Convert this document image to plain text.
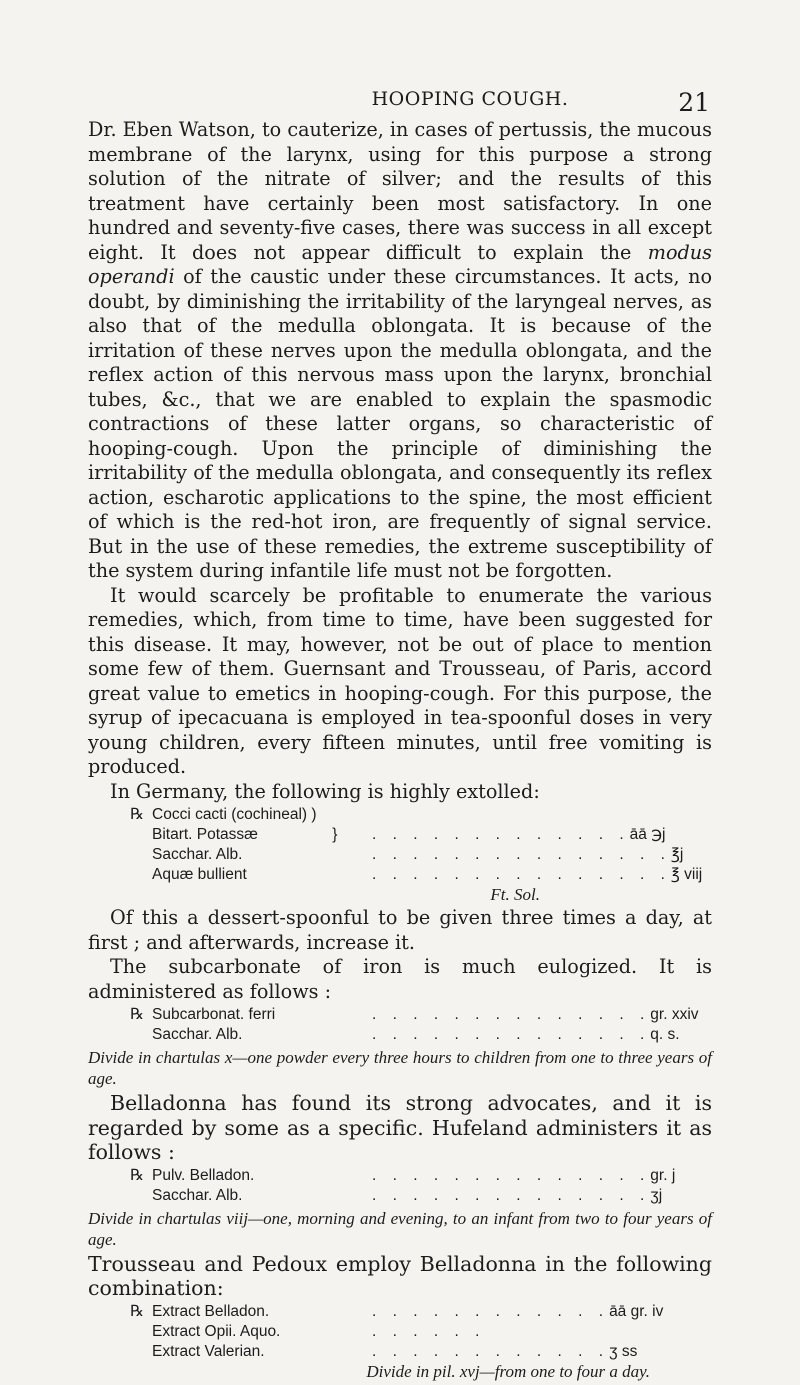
HOOPING COUGH.	21

Dr. Eben Watson, to cauterize, in cases of pertussis, the mucous membrane of the larynx, using for this purpose a strong solution of the nitrate of silver; and the results of this treatment have certainly been most satisfactory. In one hundred and seventy-five cases, there was success in all except eight. It does not appear difficult to explain the modus operandi of the caustic under these circumstances. It acts, no doubt, by diminishing the irritability of the laryngeal nerves, as also that of the medulla oblongata. It is because of the irritation of these nerves upon the medulla oblongata, and the reflex action of this nervous mass upon the larynx, bronchial tubes, &c., that we are enabled to explain the spasmodic contractions of these latter organs, so characteristic of hooping-cough. Upon the principle of diminishing the irritability of the medulla oblongata, and consequently its reflex action, escharotic applications to the spine, the most efficient of which is the red-hot iron, are frequently of signal service. But in the use of these remedies, the extreme susceptibility of the system during infantile life must not be forgotten.

It would scarcely be profitable to enumerate the various remedies, which, from time to time, have been suggested for this disease. It may, however, not be out of place to mention some few of them. Guernsant and Trousseau, of Paris, accord great value to emetics in hooping-cough. For this purpose, the syrup of ipecacuana is employed in tea-spoonful doses in very young children, every fifteen minutes, until free vomiting is produced.

In Germany, the following is highly extolled:

℞ Cocci cacti (cochineal) )
Bitart. Potassæ	}	. . . . . . . . . . . . . āā ℈j
Sacchar. Alb.	. . . . . . . . . . . . . . . ℥j
Aquæ bullient	. . . . . . . . . . . . . . . ℥ viij
Ft. Sol.

Of this a dessert-spoonful to be given three times a day, at first ; and afterwards, increase it.

The subcarbonate of iron is much eulogized. It is administered as follows :

℞ Subcarbonat. ferri	. . . . . . . . . . . . . . gr. xxiv
Sacchar. Alb.	. . . . . . . . . . . . . . q. s.
Divide in chartulas x—one powder every three hours to children from one to three years of age.

Belladonna has found its strong advocates, and it is regarded by some as a specific. Hufeland administers it as follows :

℞ Pulv. Belladon.	. . . . . . . . . . . . . . gr. j
Sacchar. Alb.	. . . . . . . . . . . . . . ʒj
Divide in chartulas viij—one, morning and evening, to an infant from two to four years of age.

Trousseau and Pedoux employ Belladonna in the following combination:

℞ Extract Belladon.	. . . . . . . . . . . . āā gr. iv
Extract Opii. Aquo.	. . . . . .
Extract Valerian.	. . . . . . . . . . . . ʒ ss
Divide in pil. xvj—from one to four a day.
